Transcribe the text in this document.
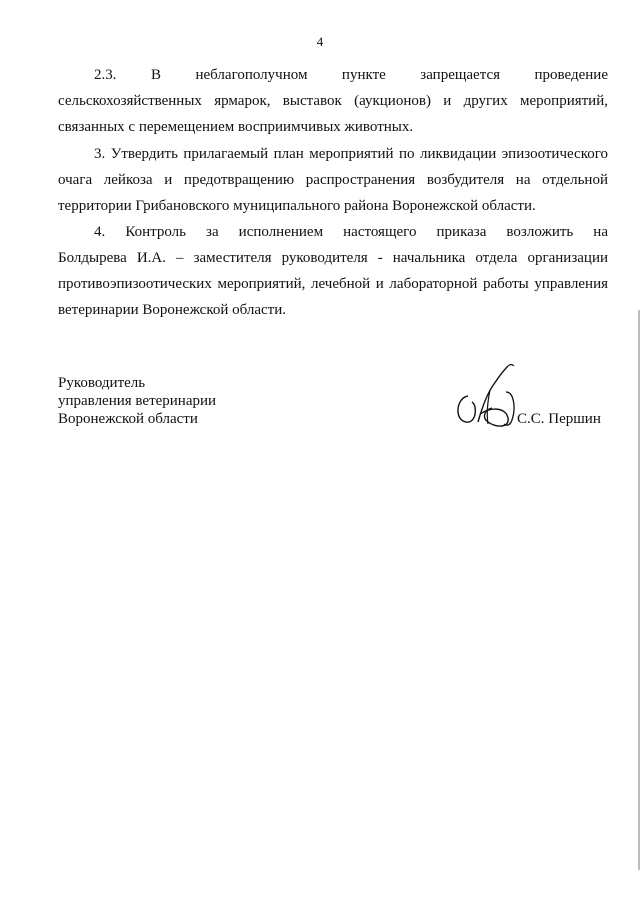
4
2.3.     В     неблагополучном     пункте     запрещается     проведение
сельскохозяйственных ярмарок, выставок (аукционов) и других мероприятий,
связанных с перемещением восприимчивых животных.
3. Утвердить прилагаемый план мероприятий по ликвидации эпизоотического
очага лейкоза и предотвращению распространения возбудителя на отдельной
территории Грибановского муниципального района Воронежской области.
4.   Контроль   за   исполнением   настоящего   приказа   возложить   на
Болдырева И.А. – заместителя руководителя - начальника отдела организации
противоэпизоотических мероприятий, лечебной и лабораторной работы управления
ветеринарии Воронежской области.
Руководитель
управления ветеринарии
Воронежской области	С.С. Першин
